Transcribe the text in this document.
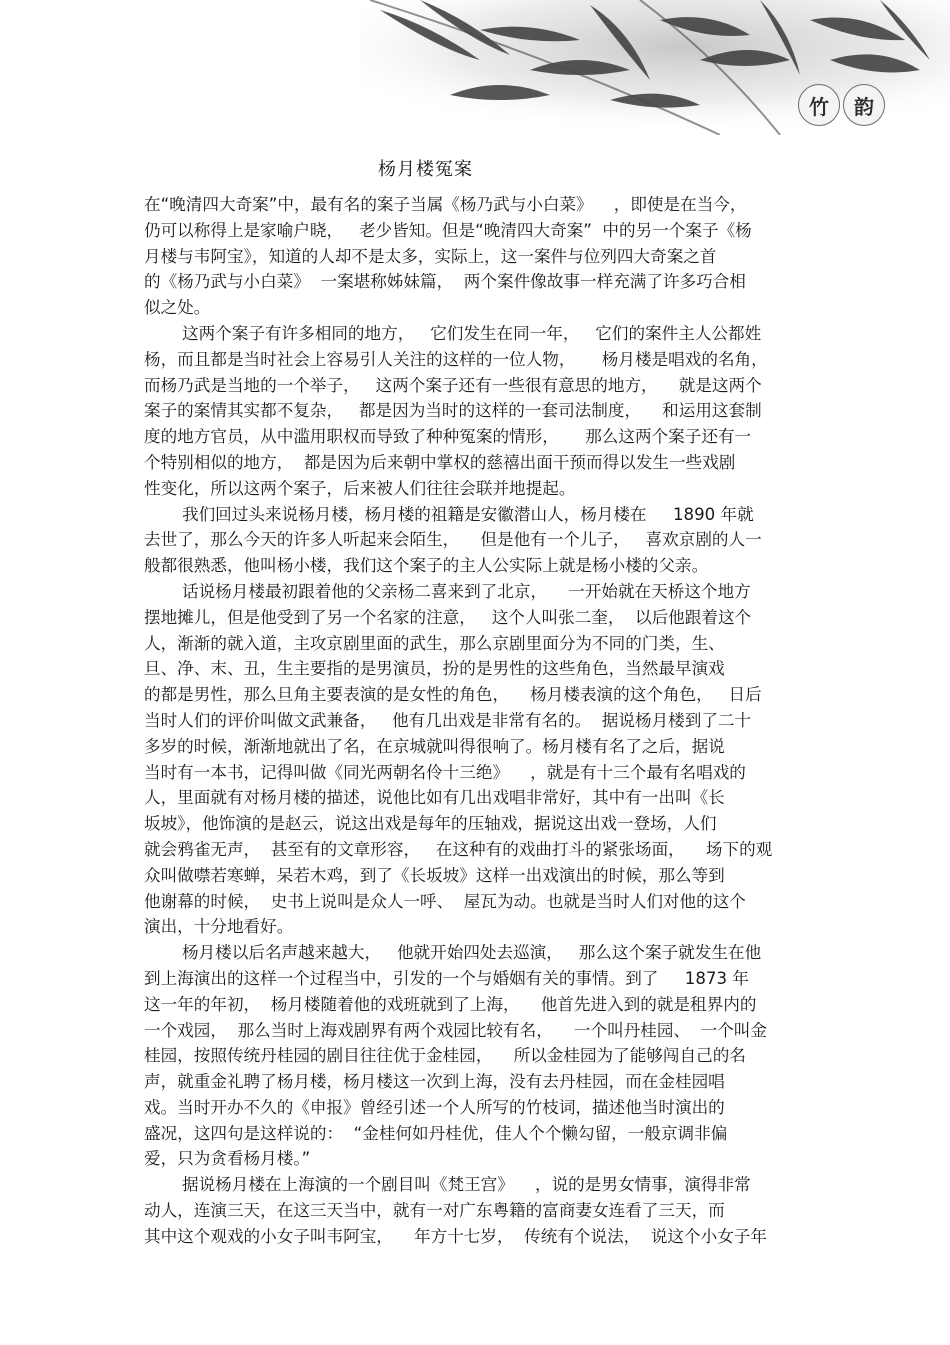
竹	韵
杨月楼冤案
在“晚清四大奇案”中，最有名的案子当属《杨乃武与小白菜》    ，即使是在当今，
仍可以称得上是家喻户晓，   老少皆知。但是“晚清四大奇案”  中的另一个案子《杨
月楼与韦阿宝》，知道的人却不是太多，实际上，这一案件与位列四大奇案之首
的《杨乃武与小白菜》  一案堪称姊妹篇，  两个案件像故事一样充满了许多巧合相
似之处。
这两个案子有许多相同的地方，   它们发生在同一年，   它们的案件主人公都姓
杨，而且都是当时社会上容易引人关注的这样的一位人物，     杨月楼是唱戏的名角，
而杨乃武是当地的一个举子，   这两个案子还有一些很有意思的地方，    就是这两个
案子的案情其实都不复杂，   都是因为当时的这样的一套司法制度，    和运用这套制
度的地方官员，从中滥用职权而导致了种种冤案的情形，     那么这两个案子还有一
个特别相似的地方，  都是因为后来朝中掌权的慈禧出面干预而得以发生一些戏剧
性变化，所以这两个案子，后来被人们往往会联并地提起。
我们回过头来说杨月楼，杨月楼的祖籍是安徽潜山人，杨月楼在     1890 年就
去世了，那么今天的许多人听起来会陌生，    但是他有一个儿子，   喜欢京剧的人一
般都很熟悉，他叫杨小楼，我们这个案子的主人公实际上就是杨小楼的父亲。
话说杨月楼最初跟着他的父亲杨二喜来到了北京，    一开始就在天桥这个地方
摆地摊儿，但是他受到了另一个名家的注意，   这个人叫张二奎，  以后他跟着这个
人，渐渐的就入道，主攻京剧里面的武生，那么京剧里面分为不同的门类，生、
旦、净、末、丑，生主要指的是男演员，扮的是男性的这些角色，当然最早演戏
的都是男性，那么旦角主要表演的是女性的角色，    杨月楼表演的这个角色，   日后
当时人们的评价叫做文武兼备，   他有几出戏是非常有名的。  据说杨月楼到了二十
多岁的时候，渐渐地就出了名，在京城就叫得很响了。杨月楼有名了之后，据说
当时有一本书，记得叫做《同光两朝名伶十三绝》    ，就是有十三个最有名唱戏的
人，里面就有对杨月楼的描述，说他比如有几出戏唱非常好，其中有一出叫《长
坂坡》，他饰演的是赵云，说这出戏是每年的压轴戏，据说这出戏一登场，人们
就会鸦雀无声，  甚至有的文章形容，   在这种有的戏曲打斗的紧张场面，    场下的观
众叫做噤若寒蝉，呆若木鸡，到了《长坂坡》这样一出戏演出的时候，那么等到
他谢幕的时候，  史书上说叫是众人一呼、  屋瓦为动。也就是当时人们对他的这个
演出，十分地看好。
杨月楼以后名声越来越大，   他就开始四处去巡演，   那么这个案子就发生在他
到上海演出的这样一个过程当中，引发的一个与婚姻有关的事情。到了     1873 年
这一年的年初，  杨月楼随着他的戏班就到了上海，    他首先进入到的就是租界内的
一个戏园，  那么当时上海戏剧界有两个戏园比较有名，    一个叫丹桂园、  一个叫金
桂园，按照传统丹桂园的剧目往往优于金桂园，    所以金桂园为了能够闯自己的名
声，就重金礼聘了杨月楼，杨月楼这一次到上海，没有去丹桂园，而在金桂园唱
戏。当时开办不久的《申报》曾经引述一个人所写的竹枝词，描述他当时演出的
盛况，这四句是这样说的：  “金桂何如丹桂优，佳人个个懒勾留，一般京调非偏
爱，只为贪看杨月楼。”
据说杨月楼在上海演的一个剧目叫《梵王宫》    ，说的是男女情事，演得非常
动人，连演三天，在这三天当中，就有一对广东粤籍的富商妻女连看了三天，而
其中这个观戏的小女子叫韦阿宝，    年方十七岁，  传统有个说法，  说这个小女子年
